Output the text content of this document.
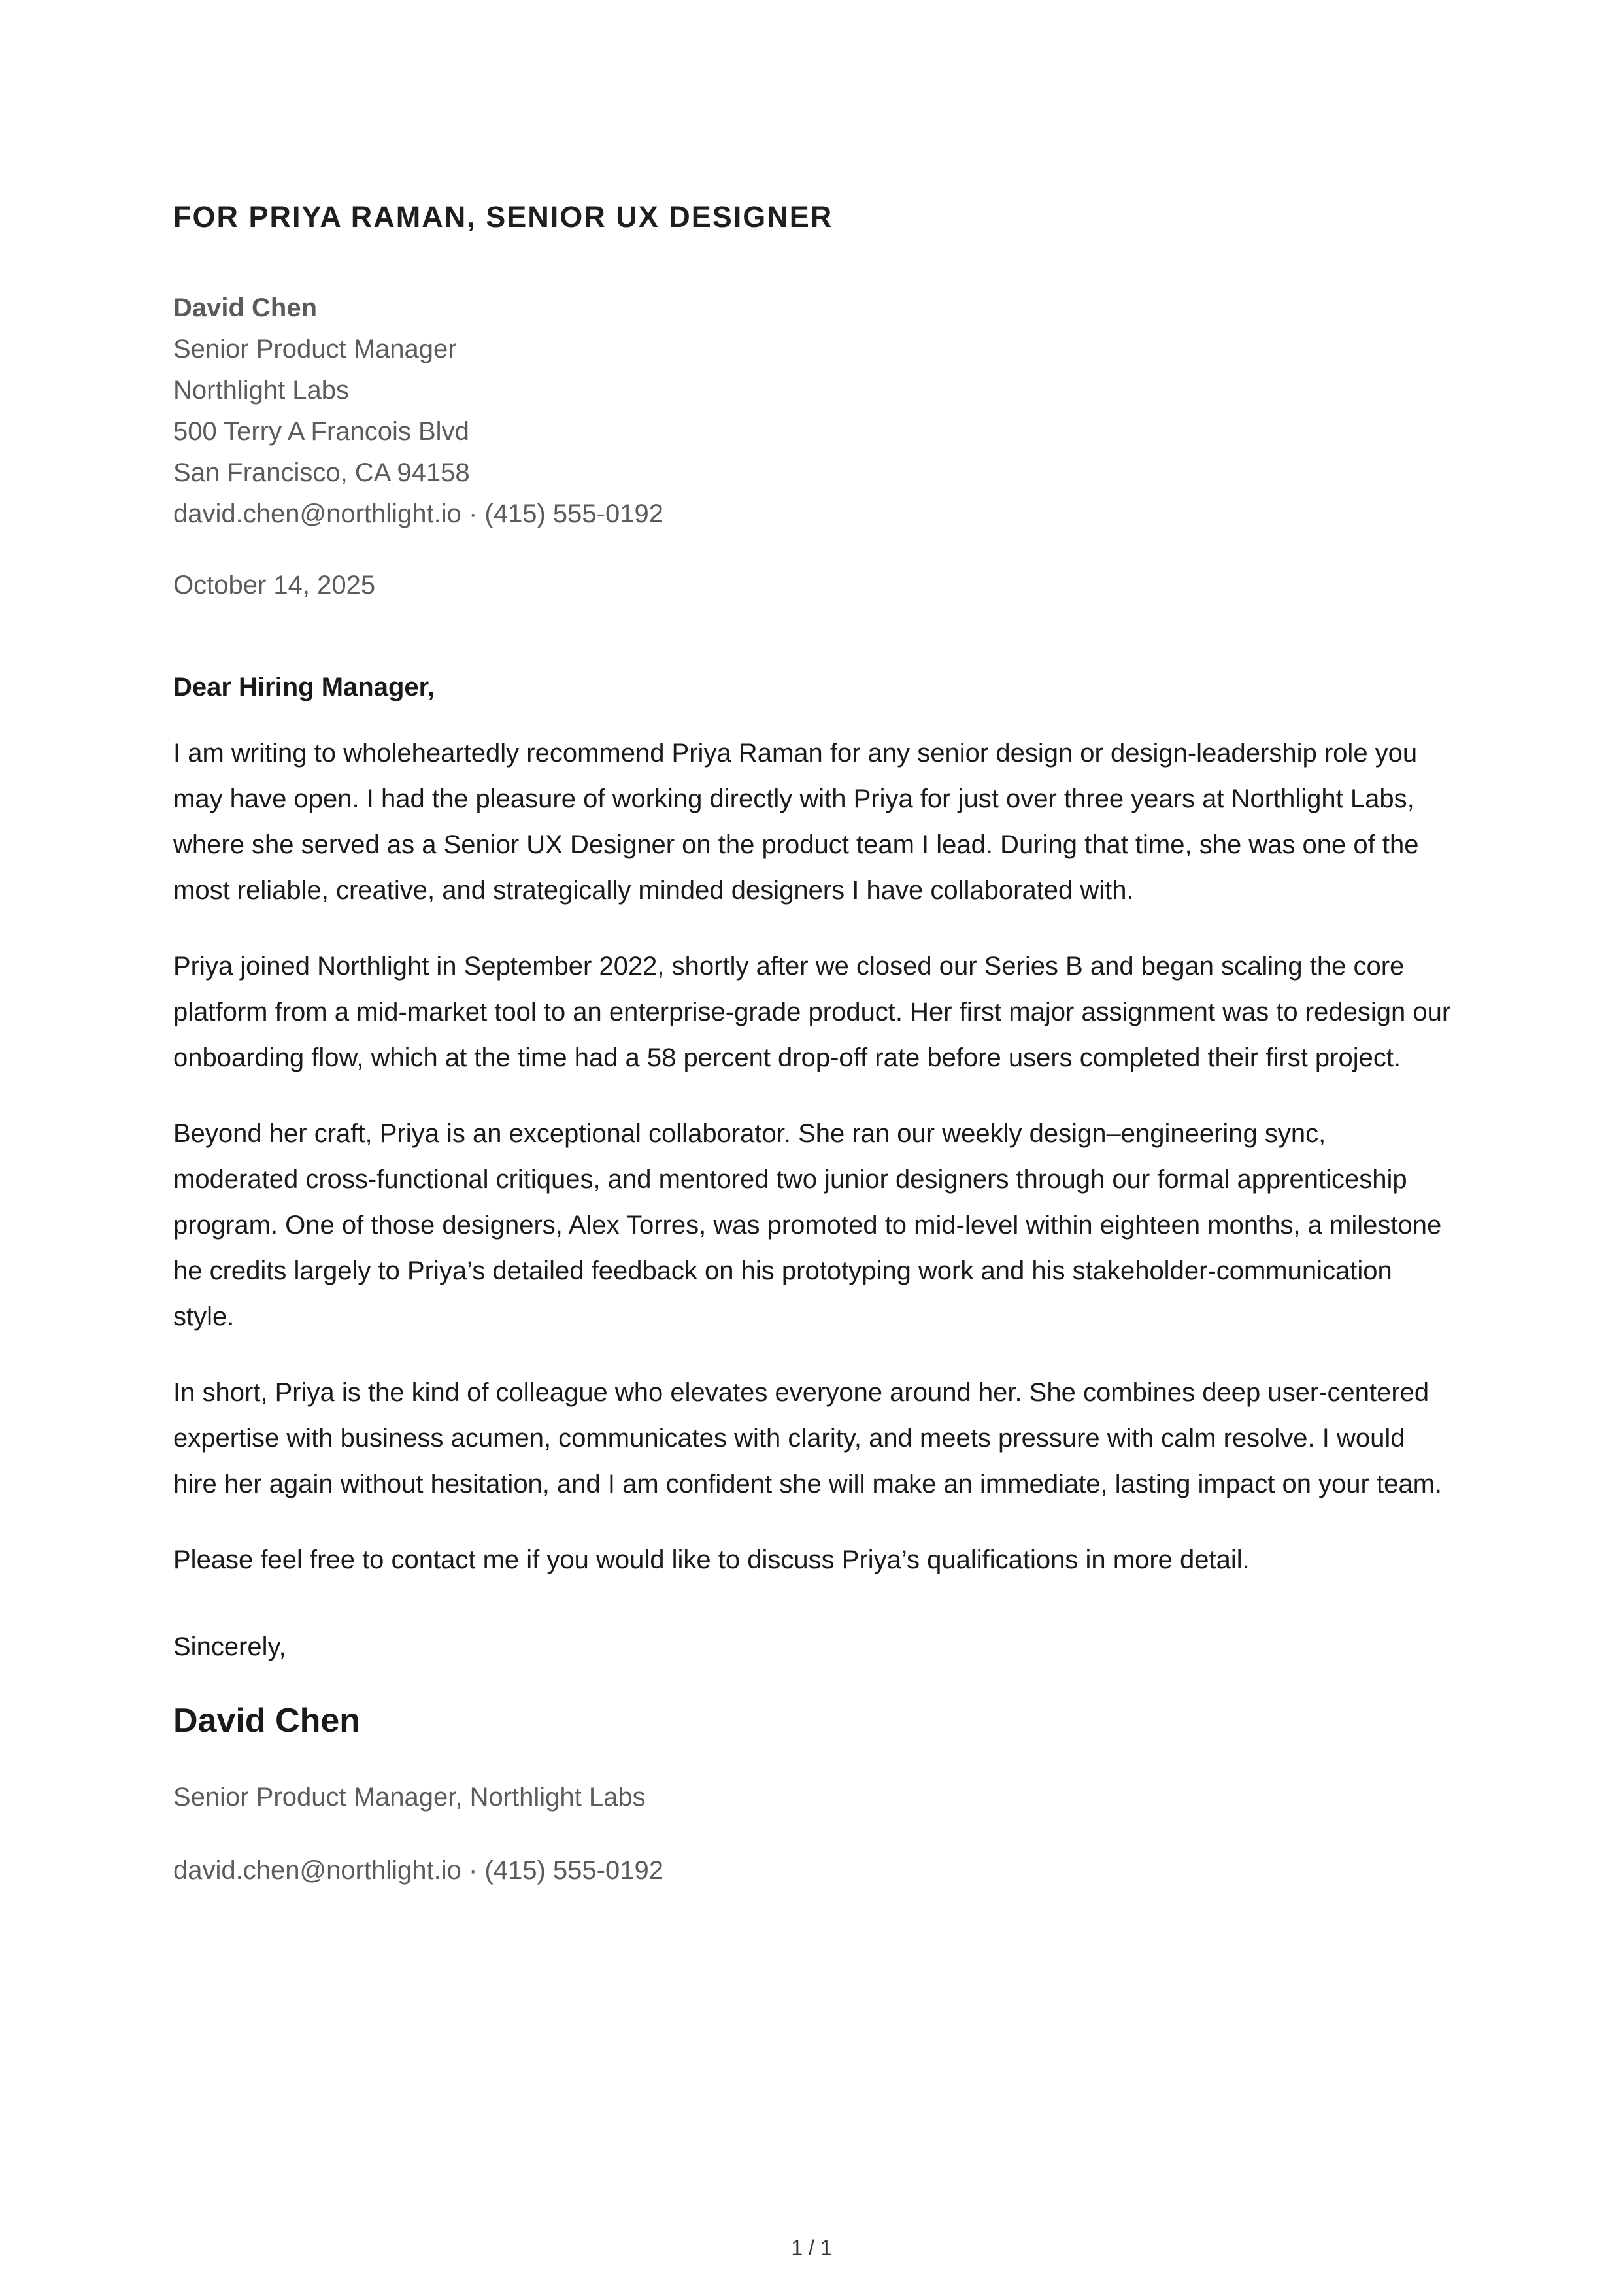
FOR PRIYA RAMAN, SENIOR UX DESIGNER
David Chen
Senior Product Manager
Northlight Labs
500 Terry A Francois Blvd
San Francisco, CA 94158
david.chen@northlight.io · (415) 555-0192
October 14, 2025
Dear Hiring Manager,

I am writing to wholeheartedly recommend Priya Raman for any senior design or design-leadership role you may have open. I had the pleasure of working directly with Priya for just over three years at Northlight Labs, where she served as a Senior UX Designer on the product team I lead. During that time, she was one of the most reliable, creative, and strategically minded designers I have collaborated with.

Priya joined Northlight in September 2022, shortly after we closed our Series B and began scaling the core platform from a mid-market tool to an enterprise-grade product. Her first major assignment was to redesign our onboarding flow, which at the time had a 58 percent drop-off rate before users completed their first project.

Beyond her craft, Priya is an exceptional collaborator. She ran our weekly design–engineering sync, moderated cross-functional critiques, and mentored two junior designers through our formal apprenticeship program. One of those designers, Alex Torres, was promoted to mid-level within eighteen months, a milestone he credits largely to Priya’s detailed feedback on his prototyping work and his stakeholder-communication style.

In short, Priya is the kind of colleague who elevates everyone around her. She combines deep user-centered expertise with business acumen, communicates with clarity, and meets pressure with calm resolve. I would hire her again without hesitation, and I am confident she will make an immediate, lasting impact on your team.

Please feel free to contact me if you would like to discuss Priya’s qualifications in more detail.

Sincerely,
David Chen
Senior Product Manager, Northlight Labs
david.chen@northlight.io · (415) 555-0192
1 / 1
